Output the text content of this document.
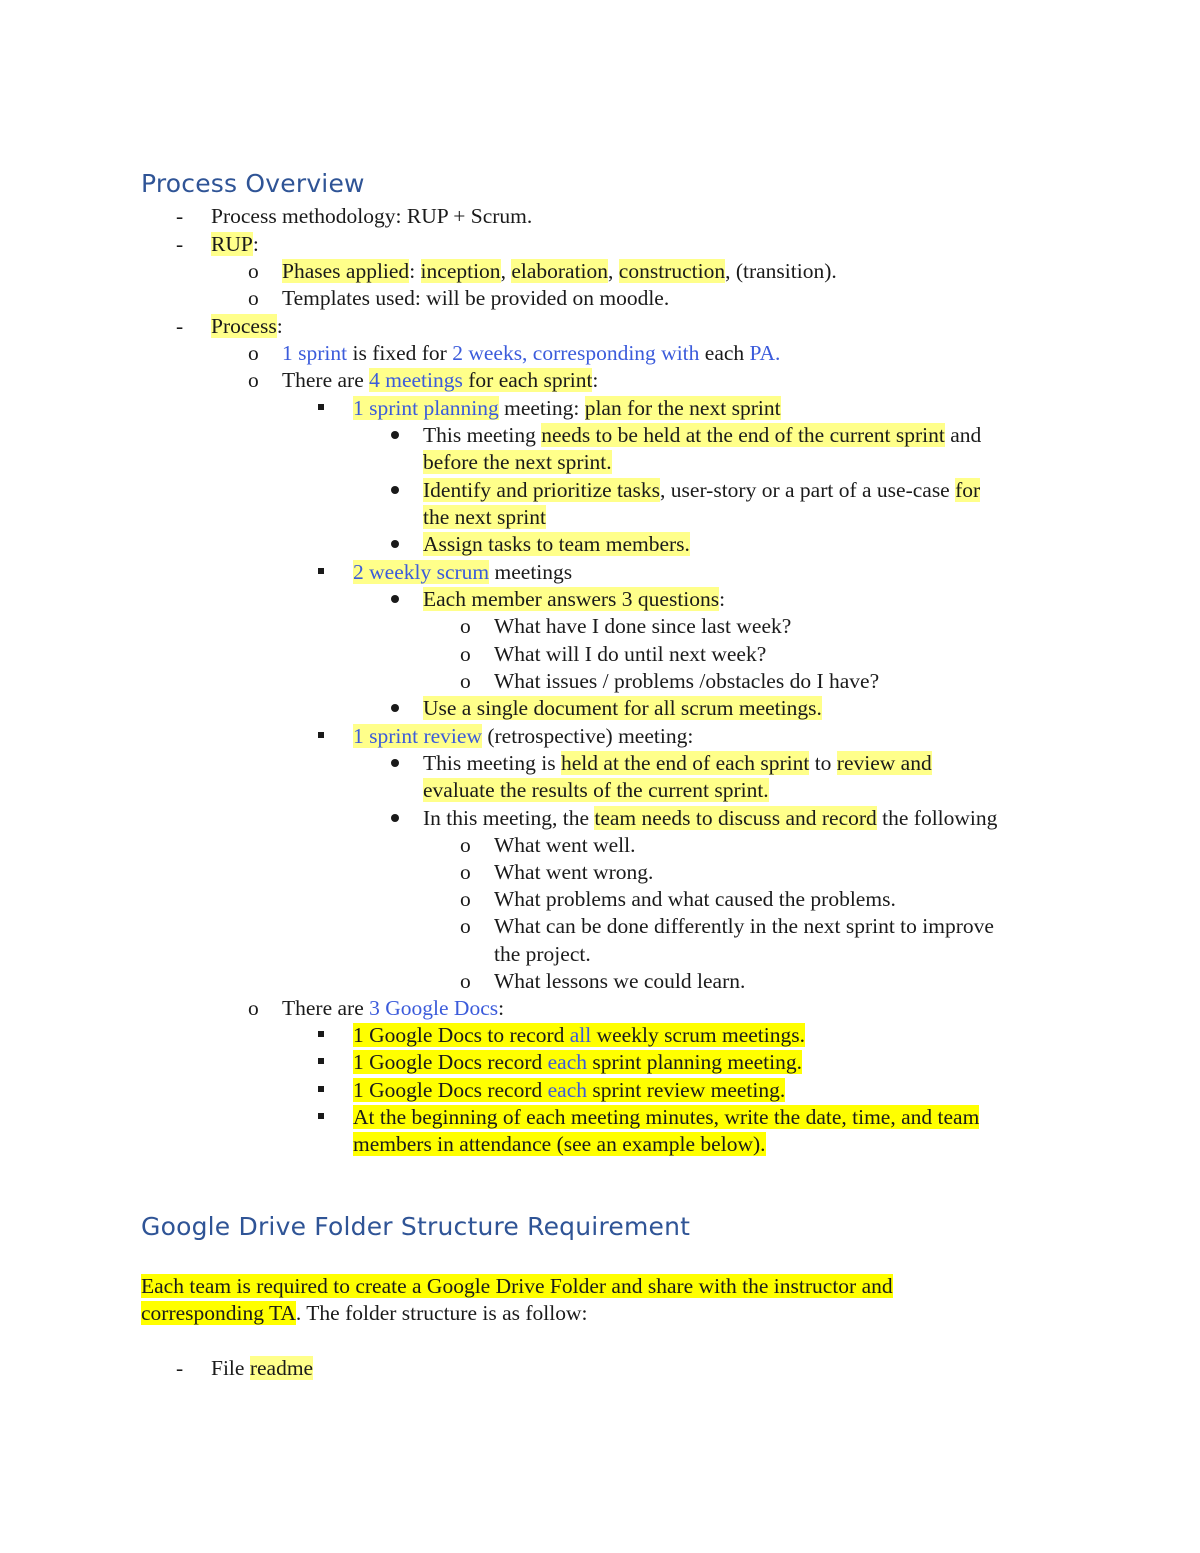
Process Overview
- Process methodology: RUP + Scrum.
- RUP:
o Phases applied: inception, elaboration, construction, (transition).
o Templates used: will be provided on moodle.
- Process:
o 1 sprint is fixed for 2 weeks, corresponding with each PA.
o There are 4 meetings for each sprint:
1 sprint planning meeting: plan for the next sprint
This meeting needs to be held at the end of the current sprint and
before the next sprint.
Identify and prioritize tasks, user-story or a part of a use-case for
the next sprint
Assign tasks to team members.
2 weekly scrum meetings
Each member answers 3 questions:
o What have I done since last week?
o What will I do until next week?
o What issues / problems /obstacles do I have?
Use a single document for all scrum meetings.
1 sprint review (retrospective) meeting:
This meeting is held at the end of each sprint to review and
evaluate the results of the current sprint.
In this meeting, the team needs to discuss and record the following
o What went well.
o What went wrong.
o What problems and what caused the problems.
o What can be done differently in the next sprint to improve
the project.
o What lessons we could learn.
o There are 3 Google Docs:
1 Google Docs to record all weekly scrum meetings.
1 Google Docs record each sprint planning meeting.
1 Google Docs record each sprint review meeting.
At the beginning of each meeting minutes, write the date, time, and team
members in attendance (see an example below).
Google Drive Folder Structure Requirement
Each team is required to create a Google Drive Folder and share with the instructor and
corresponding TA. The folder structure is as follow:
- File readme
